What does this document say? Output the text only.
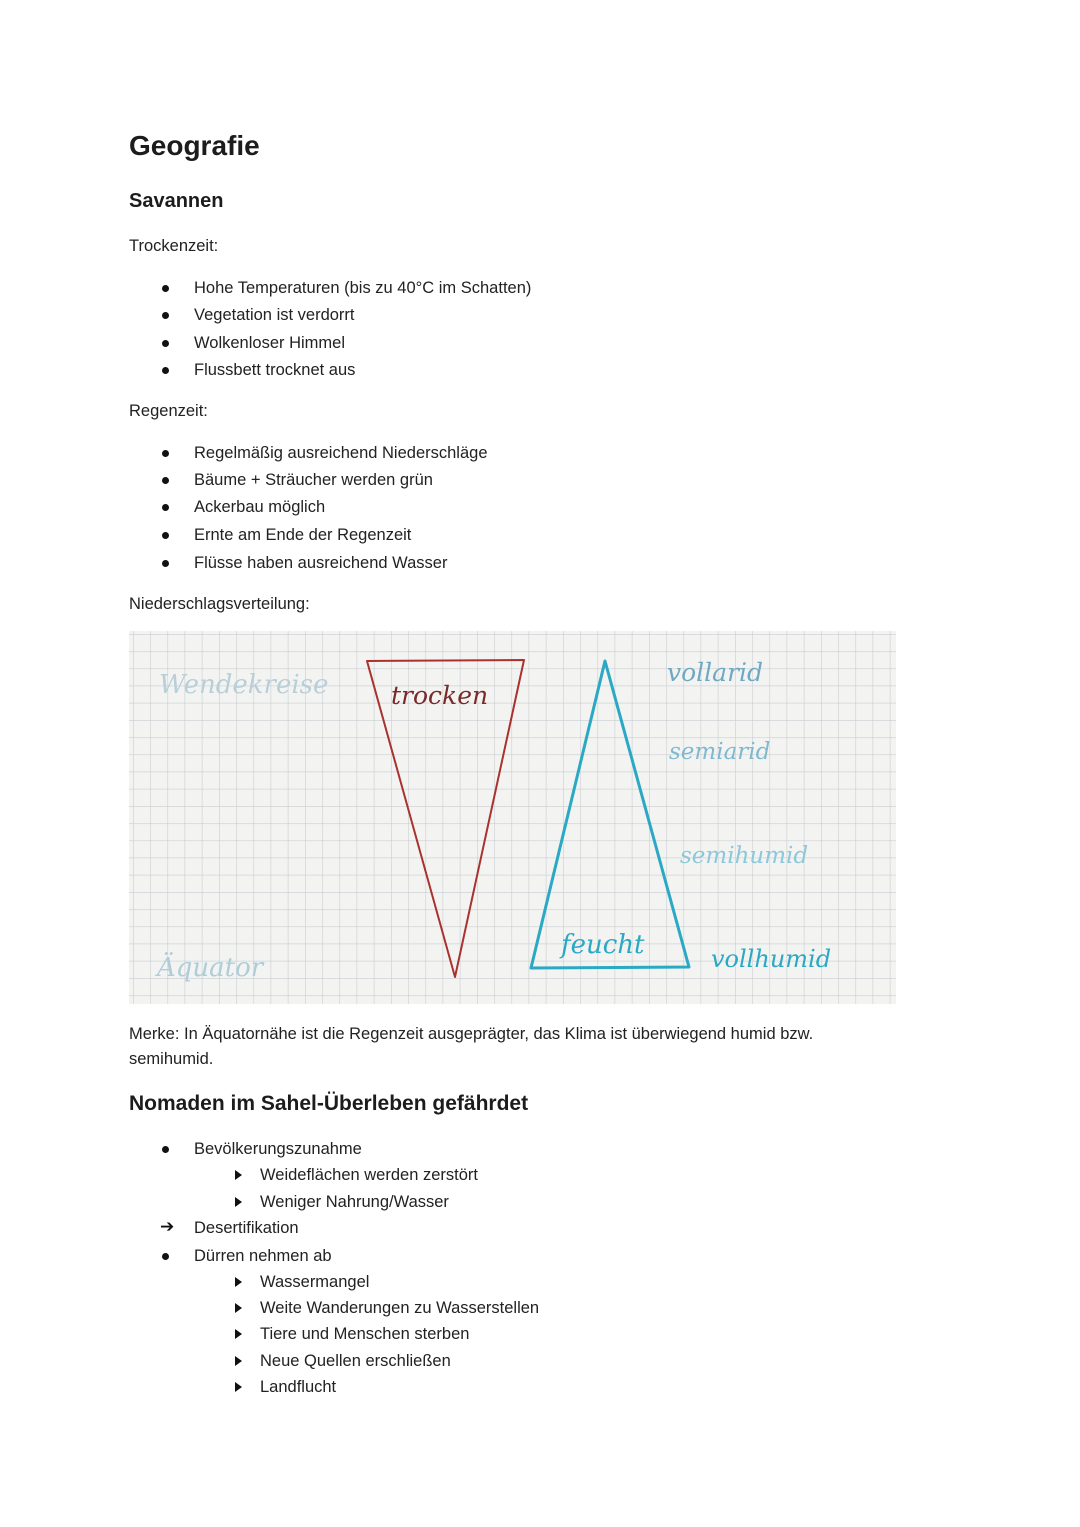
Geografie
Savannen
Trockenzeit:
Hohe Temperaturen (bis zu 40°C im Schatten)
Vegetation ist verdorrt
Wolkenloser Himmel
Flussbett trocknet aus
Regenzeit:
Regelmäßig ausreichend Niederschläge
Bäume + Sträucher werden grün
Ackerbau möglich
Ernte am Ende der Regenzeit
Flüsse haben ausreichend Wasser
Niederschlagsverteilung:
Wendekreise	trocken
vollarid
semiarid
semihumid
feucht	vollhumid
Äquator
Merke: In Äquatornähe ist die Regenzeit ausgeprägter, das Klima ist überwiegend humid bzw.
semihumid.
Nomaden im Sahel-Überleben gefährdet
Bevölkerungszunahme
Weideflächen werden zerstört
Weniger Nahrung/Wasser
➔ Desertifikation
Dürren nehmen ab
Wassermangel
Weite Wanderungen zu Wasserstellen
Tiere und Menschen sterben
Neue Quellen erschließen
Landflucht
